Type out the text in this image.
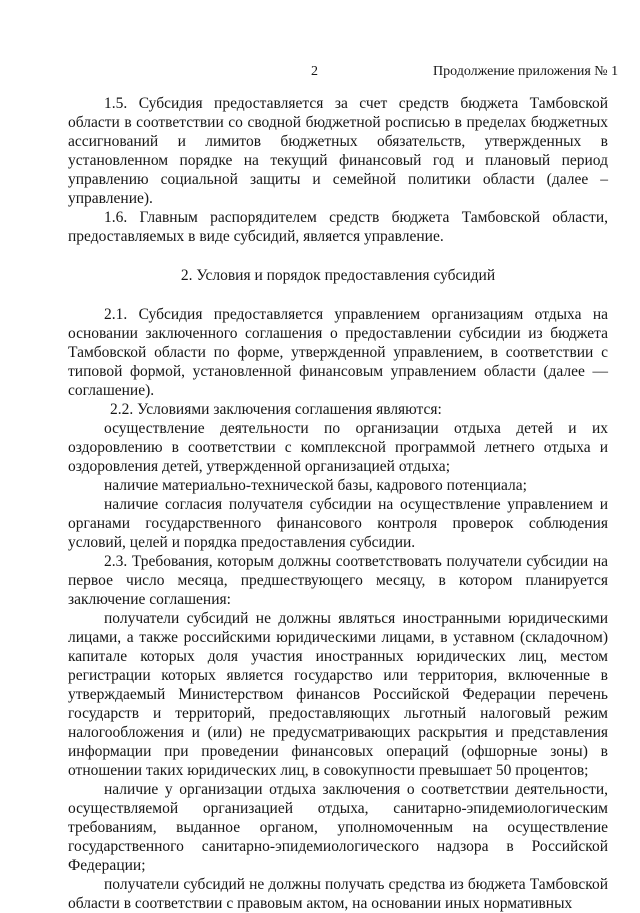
2	Продолжение приложения № 1

1.5. Субсидия предоставляется за счет средств бюджета Тамбовской области в соответствии со сводной бюджетной росписью в пределах бюджетных ассигнований и лимитов бюджетных обязательств, утвержденных в установленном порядке на текущий финансовый год и плановый период управлению социальной защиты и семейной политики области (далее – управление).

1.6. Главным распорядителем средств бюджета Тамбовской области, предоставляемых в виде субсидий, является управление.

2. Условия и порядок предоставления субсидий

2.1. Субсидия предоставляется управлением организациям отдыха на основании заключенного соглашения о предоставлении субсидии из бюджета Тамбовской области по форме, утвержденной управлением, в соответствии с типовой формой, установленной финансовым управлением области (далее — соглашение).

2.2. Условиями заключения соглашения являются:

осуществление деятельности по организации отдыха детей и их оздоровлению в соответствии с комплексной программой летнего отдыха и оздоровления детей, утвержденной организацией отдыха;

наличие материально-технической базы, кадрового потенциала;

наличие согласия получателя субсидии на осуществление управлением и органами государственного финансового контроля проверок соблюдения условий, целей и порядка предоставления субсидии.

2.3. Требования, которым должны соответствовать получатели субсидии на первое число месяца, предшествующего месяцу, в котором планируется заключение соглашения:

получатели субсидий не должны являться иностранными юридическими лицами, а также российскими юридическими лицами, в уставном (складочном) капитале которых доля участия иностранных юридических лиц, местом регистрации которых является государство или территория, включенные в утверждаемый Министерством финансов Российской Федерации перечень государств и территорий, предоставляющих льготный налоговый режим налогообложения и (или) не предусматривающих раскрытия и представления информации при проведении финансовых операций (офшорные зоны) в отношении таких юридических лиц, в совокупности превышает 50 процентов;

наличие у организации отдыха заключения о соответствии деятельности, осуществляемой организацией отдыха, санитарно-эпидемиологическим требованиям, выданное органом, уполномоченным на осуществление государственного санитарно-эпидемиологического надзора в Российской Федерации;

получатели субсидий не должны получать средства из бюджета Тамбовской области в соответствии с правовым актом, на основании иных нормативных
